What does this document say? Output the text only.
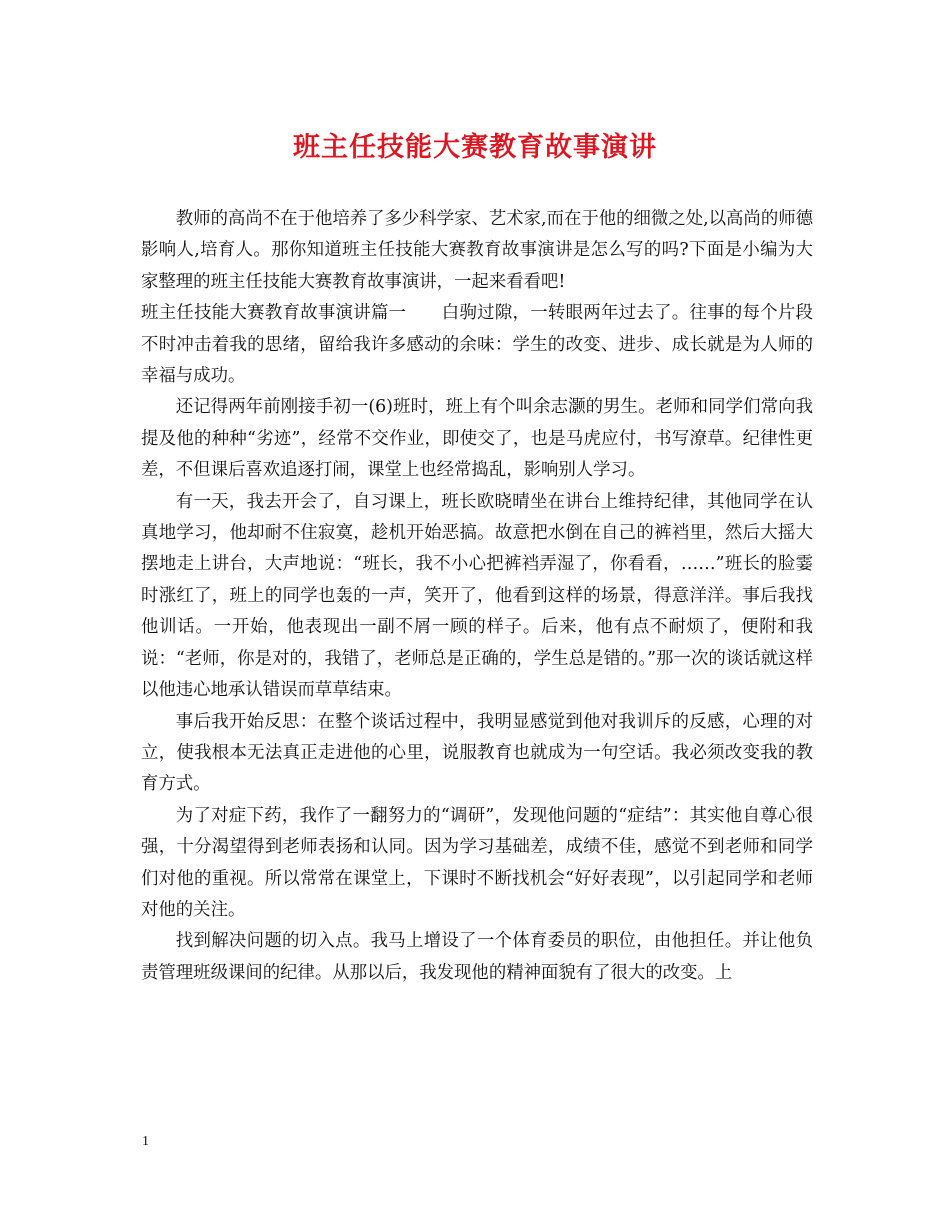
班主任技能大赛教育故事演讲

教师的高尚不在于他培养了多少科学家、艺术家,而在于他的细微之处,以高尚的师德影响人,培育人。那你知道班主任技能大赛教育故事演讲是怎么写的吗?下面是小编为大家整理的班主任技能大赛教育故事演讲，一起来看看吧!

班主任技能大赛教育故事演讲篇一　　白驹过隙，一转眼两年过去了。往事的每个片段不时冲击着我的思绪，留给我许多感动的余味：学生的改变、进步、成长就是为人师的幸福与成功。

还记得两年前刚接手初一(6)班时，班上有个叫余志灏的男生。老师和同学们常向我提及他的种种“劣迹”，经常不交作业，即使交了，也是马虎应付，书写潦草。纪律性更差，不但课后喜欢追逐打闹，课堂上也经常捣乱，影响别人学习。

有一天，我去开会了，自习课上，班长欧晓晴坐在讲台上维持纪律，其他同学在认真地学习，他却耐不住寂寞，趁机开始恶搞。故意把水倒在自己的裤裆里，然后大摇大摆地走上讲台，大声地说：“班长，我不小心把裤裆弄湿了，你看看，……”班长的脸霎时涨红了，班上的同学也轰的一声，笑开了，他看到这样的场景，得意洋洋。事后我找他训话。一开始，他表现出一副不屑一顾的样子。后来，他有点不耐烦了，便附和我说：“老师，你是对的，我错了，老师总是正确的，学生总是错的。”那一次的谈话就这样以他违心地承认错误而草草结束。

事后我开始反思：在整个谈话过程中，我明显感觉到他对我训斥的反感，心理的对立，使我根本无法真正走进他的心里，说服教育也就成为一句空话。我必须改变我的教育方式。

为了对症下药，我作了一翻努力的“调研”，发现他问题的“症结”：其实他自尊心很强，十分渴望得到老师表扬和认同。因为学习基础差，成绩不佳，感觉不到老师和同学们对他的重视。所以常常在课堂上，下课时不断找机会“好好表现”，以引起同学和老师对他的关注。

找到解决问题的切入点。我马上增设了一个体育委员的职位，由他担任。并让他负责管理班级课间的纪律。从那以后，我发现他的精神面貌有了很大的改变。上

1
